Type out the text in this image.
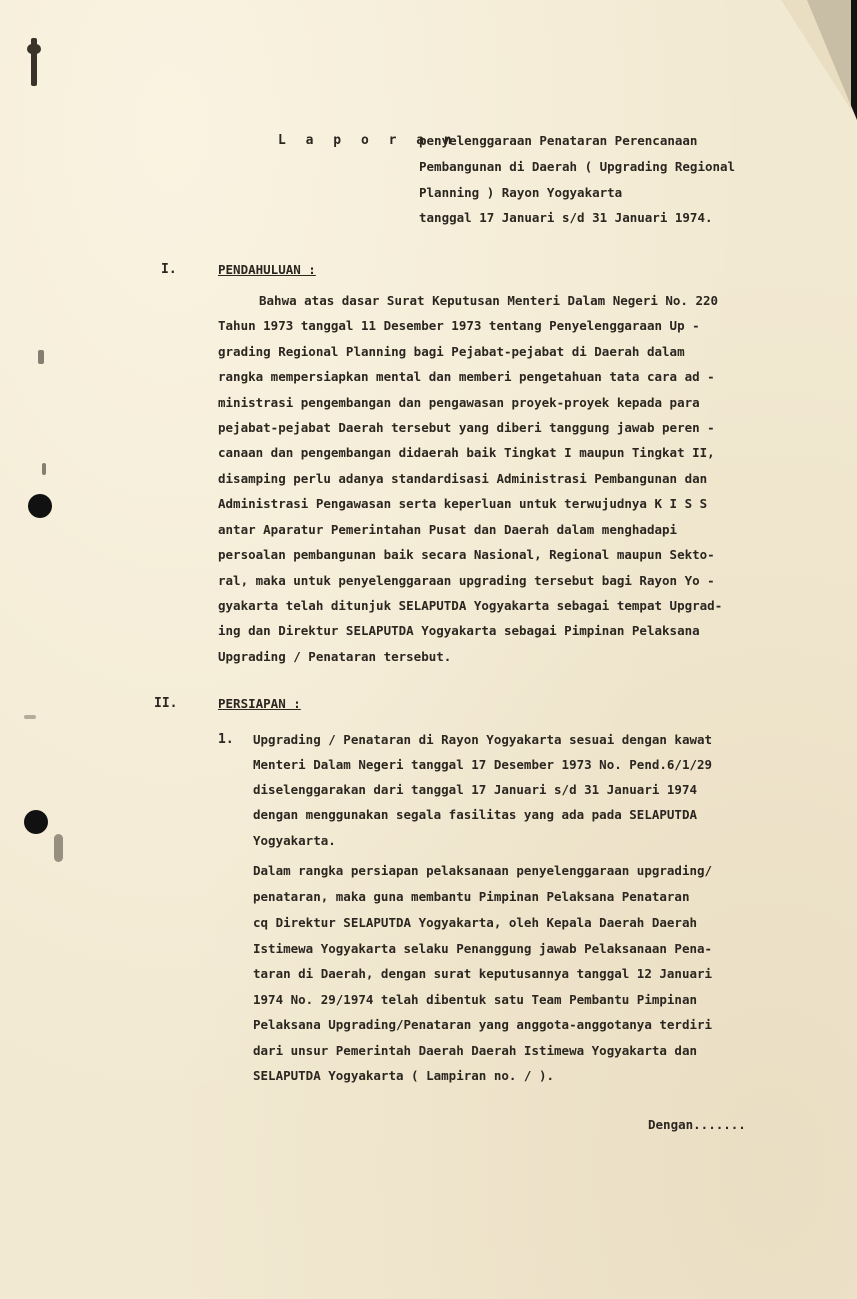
L a p o r a n

penyelenggaraan Penataran Perencanaan

Pembangunan di Daerah ( Upgrading Regional

Planning ) Rayon Yogyakarta

tanggal 17 Januari s/d 31 Januari 1974.

I.	PENDAHULUAN :

Bahwa atas dasar Surat Keputusan Menteri Dalam Negeri No. 220

Tahun 1973 tanggal 11 Desember 1973 tentang Penyelenggaraan Up -

grading Regional Planning bagi Pejabat-pejabat di Daerah dalam

rangka mempersiapkan mental dan memberi pengetahuan tata cara ad -

ministrasi pengembangan dan pengawasan proyek-proyek kepada para

pejabat-pejabat Daerah tersebut yang diberi tanggung jawab peren -

canaan dan pengembangan didaerah baik Tingkat I maupun Tingkat II,

disamping perlu adanya standardisasi Administrasi Pembangunan dan

Administrasi Pengawasan serta keperluan untuk terwujudnya K I S S

antar Aparatur Pemerintahan Pusat dan Daerah dalam menghadapi

persoalan pembangunan baik secara Nasional, Regional maupun Sekto-

ral, maka untuk penyelenggaraan upgrading tersebut bagi Rayon Yo -

gyakarta telah ditunjuk SELAPUTDA Yogyakarta sebagai tempat Upgrad-

ing dan Direktur SELAPUTDA Yogyakarta sebagai Pimpinan Pelaksana

Upgrading / Penataran tersebut.

II.	PERSIAPAN :

1. Upgrading / Penataran di Rayon Yogyakarta sesuai dengan kawat

Menteri Dalam Negeri tanggal 17 Desember 1973 No. Pend.6/1/29

diselenggarakan dari tanggal 17 Januari s/d 31 Januari 1974

dengan menggunakan segala fasilitas yang ada pada SELAPUTDA

Yogyakarta.

Dalam rangka persiapan pelaksanaan penyelenggaraan upgrading/

penataran, maka guna membantu Pimpinan Pelaksana Penataran

cq Direktur SELAPUTDA Yogyakarta, oleh Kepala Daerah Daerah

Istimewa Yogyakarta selaku Penanggung jawab Pelaksanaan Pena-

taran di Daerah, dengan surat keputusannya tanggal 12 Januari

1974 No. 29/1974 telah dibentuk satu Team Pembantu Pimpinan

Pelaksana Upgrading/Penataran yang anggota-anggotanya terdiri

dari unsur Pemerintah Daerah Daerah Istimewa Yogyakarta dan

SELAPUTDA Yogyakarta ( Lampiran no. / ).

Dengan.......
